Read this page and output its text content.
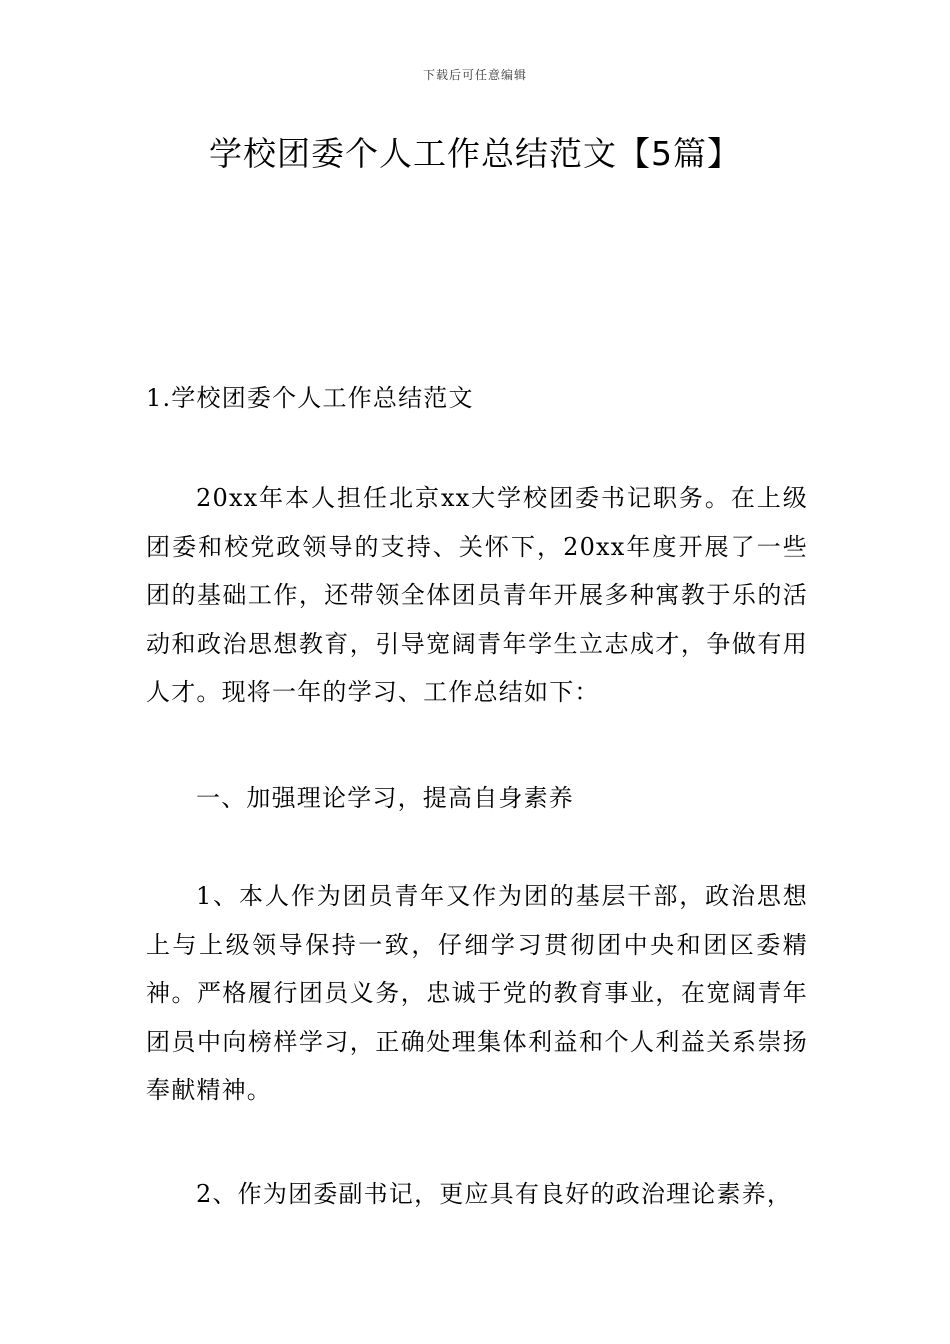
下载后可任意编辑
学校团委个人工作总结范文【5篇】

1.学校团委个人工作总结范文

20xx年本人担任北京xx大学校团委书记职务。在上级团委和校党政领导的支持、关怀下，20xx年度开展了一些团的基础工作，还带领全体团员青年开展多种寓教于乐的活动和政治思想教育，引导宽阔青年学生立志成才，争做有用人才。现将一年的学习、工作总结如下：

一、加强理论学习，提高自身素养

1、本人作为团员青年又作为团的基层干部，政治思想上与上级领导保持一致，仔细学习贯彻团中央和团区委精神。严格履行团员义务，忠诚于党的教育事业，在宽阔青年团员中向榜样学习，正确处理集体利益和个人利益关系崇扬奉献精神。

2、作为团委副书记，更应具有良好的政治理论素养，
